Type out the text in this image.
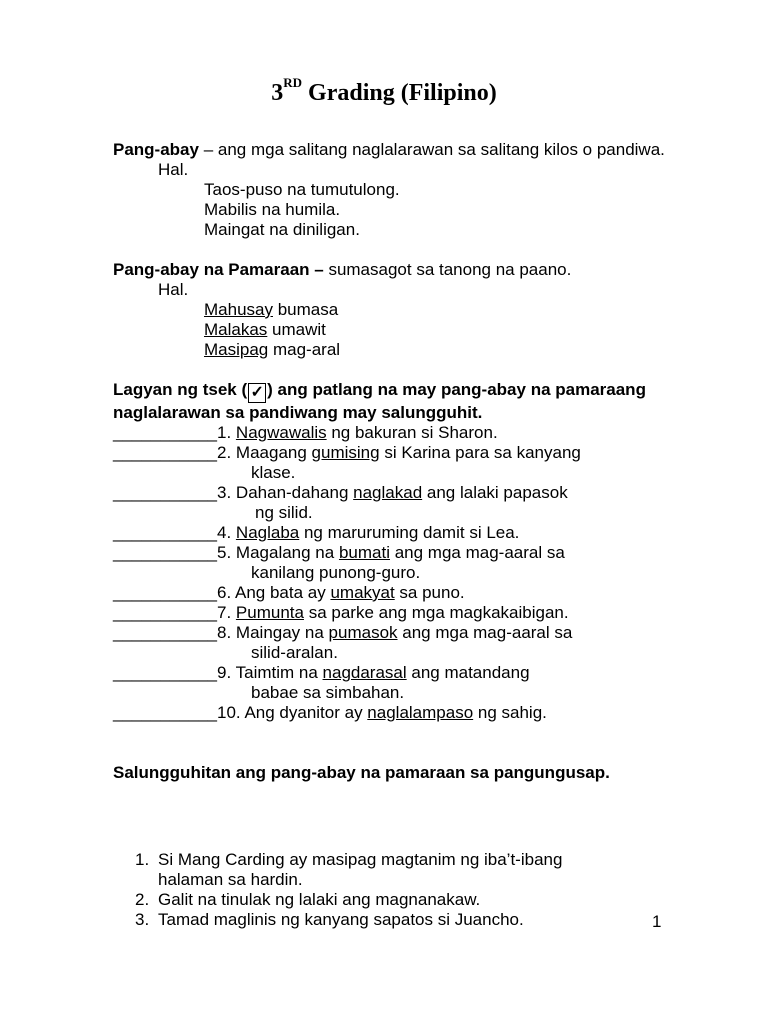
3RD Grading (Filipino)

Pang-abay – ang mga salitang naglalarawan sa salitang kilos o pandiwa.

Hal.
Taos-puso na tumutulong.
Mabilis na humila.
Maingat na diniligan.

Pang-abay na Pamaraan – sumasagot sa tanong na paano.

Hal.
Mahusay bumasa
Malakas umawit
Masipag mag-aral

Lagyan ng tsek ( ✓ ) ang patlang na may pang-abay na pamaraang naglalarawan sa pandiwang may salungguhit.

___________1. Nagwawalis ng bakuran si Sharon.
___________2. Maagang gumising si Karina para sa kanyang
klase.
___________3. Dahan-dahang naglakad ang lalaki papasok
ng silid.
___________4. Naglaba ng maruruming damit si Lea.
___________5. Magalang na bumati ang mga mag-aaral sa
kanilang punong-guro.
___________6. Ang bata ay umakyat sa puno.
___________7. Pumunta sa parke ang mga magkakaibigan.
___________8. Maingay na pumasok ang mga mag-aaral sa
silid-aralan.
___________9. Taimtim na nagdarasal ang matandang
babae sa simbahan.
___________10. Ang dyanitor ay naglalampaso ng sahig.

Salungguhitan ang pang-abay na pamaraan sa pangungusap.

1. Si Mang Carding ay masipag magtanim ng iba’t-ibang
halaman sa hardin.
2. Galit na tinulak ng lalaki ang magnanakaw.
3. Tamad maglinis ng kanyang sapatos si Juancho.	1
